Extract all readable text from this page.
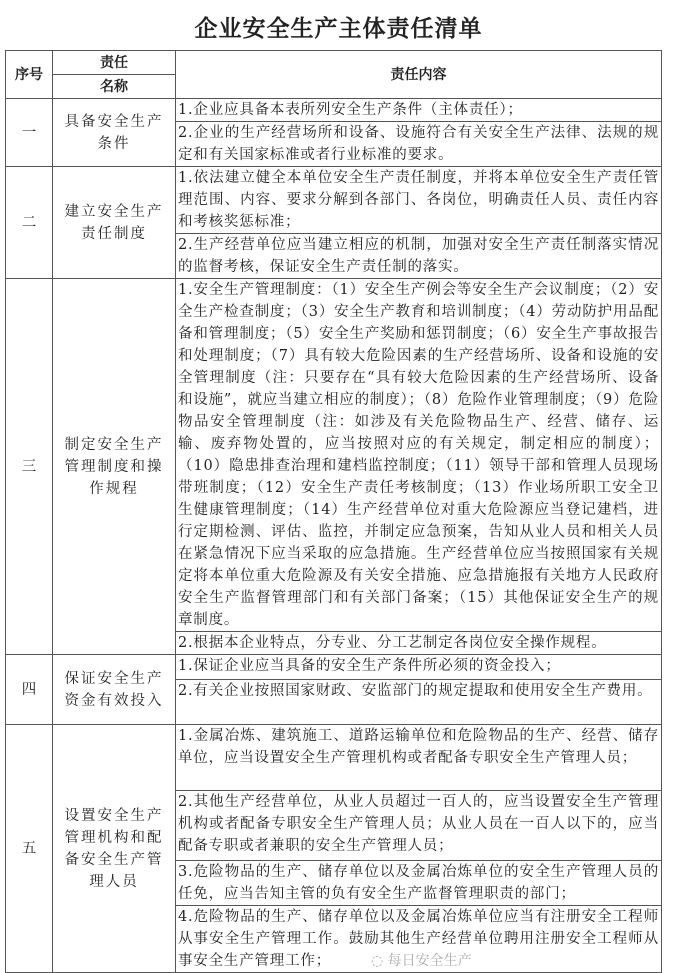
企业安全生产主体责任清单
序号	责任	责任内容
	名称	
一	具备安全生产条件	1.企业应具备本表所列安全生产条件（主体责任）；
		2.企业的生产经营场所和设备、设施符合有关安全生产法律、法规的规定和有关国家标准或者行业标准的要求。
二	建立安全生产责任制度	1.依法建立健全本单位安全生产责任制度，并将本单位安全生产责任管理范围、内容、要求分解到各部门、各岗位，明确责任人员、责任内容和考核奖惩标准；
		2.生产经营单位应当建立相应的机制，加强对安全生产责任制落实情况的监督考核，保证安全生产责任制的落实。
三	制定安全生产管理制度和操作规程	1.安全生产管理制度：（1）安全生产例会等安全生产会议制度；（2）安全生产检查制度；（3）安全生产教育和培训制度；（4）劳动防护用品配备和管理制度；（5）安全生产奖励和惩罚制度；（6）安全生产事故报告和处理制度；（7）具有较大危险因素的生产经营场所、设备和设施的安全管理制度（注：只要存在“具有较大危险因素的生产经营场所、设备和设施”，就应当建立相应的制度）；（8）危险作业管理制度；（9）危险物品安全管理制度（注：如涉及有关危险物品生产、经营、储存、运输、废弃物处置的，应当按照对应的有关规定，制定相应的制度）；（10）隐患排查治理和建档监控制度；（11）领导干部和管理人员现场带班制度；（12）安全生产责任考核制度；（13）作业场所职工安全卫生健康管理制度；（14）生产经营单位对重大危险源应当登记建档，进行定期检测、评估、监控，并制定应急预案，告知从业人员和相关人员在紧急情况下应当采取的应急措施。生产经营单位应当按照国家有关规定将本单位重大危险源及有关安全措施、应急措施报有关地方人民政府安全生产监督管理部门和有关部门备案；（15）其他保证安全生产的规章制度。
		2.根据本企业特点，分专业、分工艺制定各岗位安全操作规程。
四	保证安全生产资金有效投入	1.保证企业应当具备的安全生产条件所必须的资金投入；
		2.有关企业按照国家财政、安监部门的规定提取和使用安全生产费用。
五	设置安全生产管理机构和配备安全生产管理人员	1.金属冶炼、建筑施工、道路运输单位和危险物品的生产、经营、储存单位，应当设置安全生产管理机构或者配备专职安全生产管理人员；
		2.其他生产经营单位，从业人员超过一百人的，应当设置安全生产管理机构或者配备专职安全生产管理人员；从业人员在一百人以下的，应当配备专职或者兼职的安全生产管理人员；
		3.危险物品的生产、储存单位以及金属冶炼单位的安全生产管理人员的任免，应当告知主管的负有安全生产监督管理职责的部门；
		4.危险物品的生产、储存单位以及金属冶炼单位应当有注册安全工程师从事安全生产管理工作。鼓励其他生产经营单位聘用注册安全工程师从事安全生产管理工作； ◌ 每日安全生产
